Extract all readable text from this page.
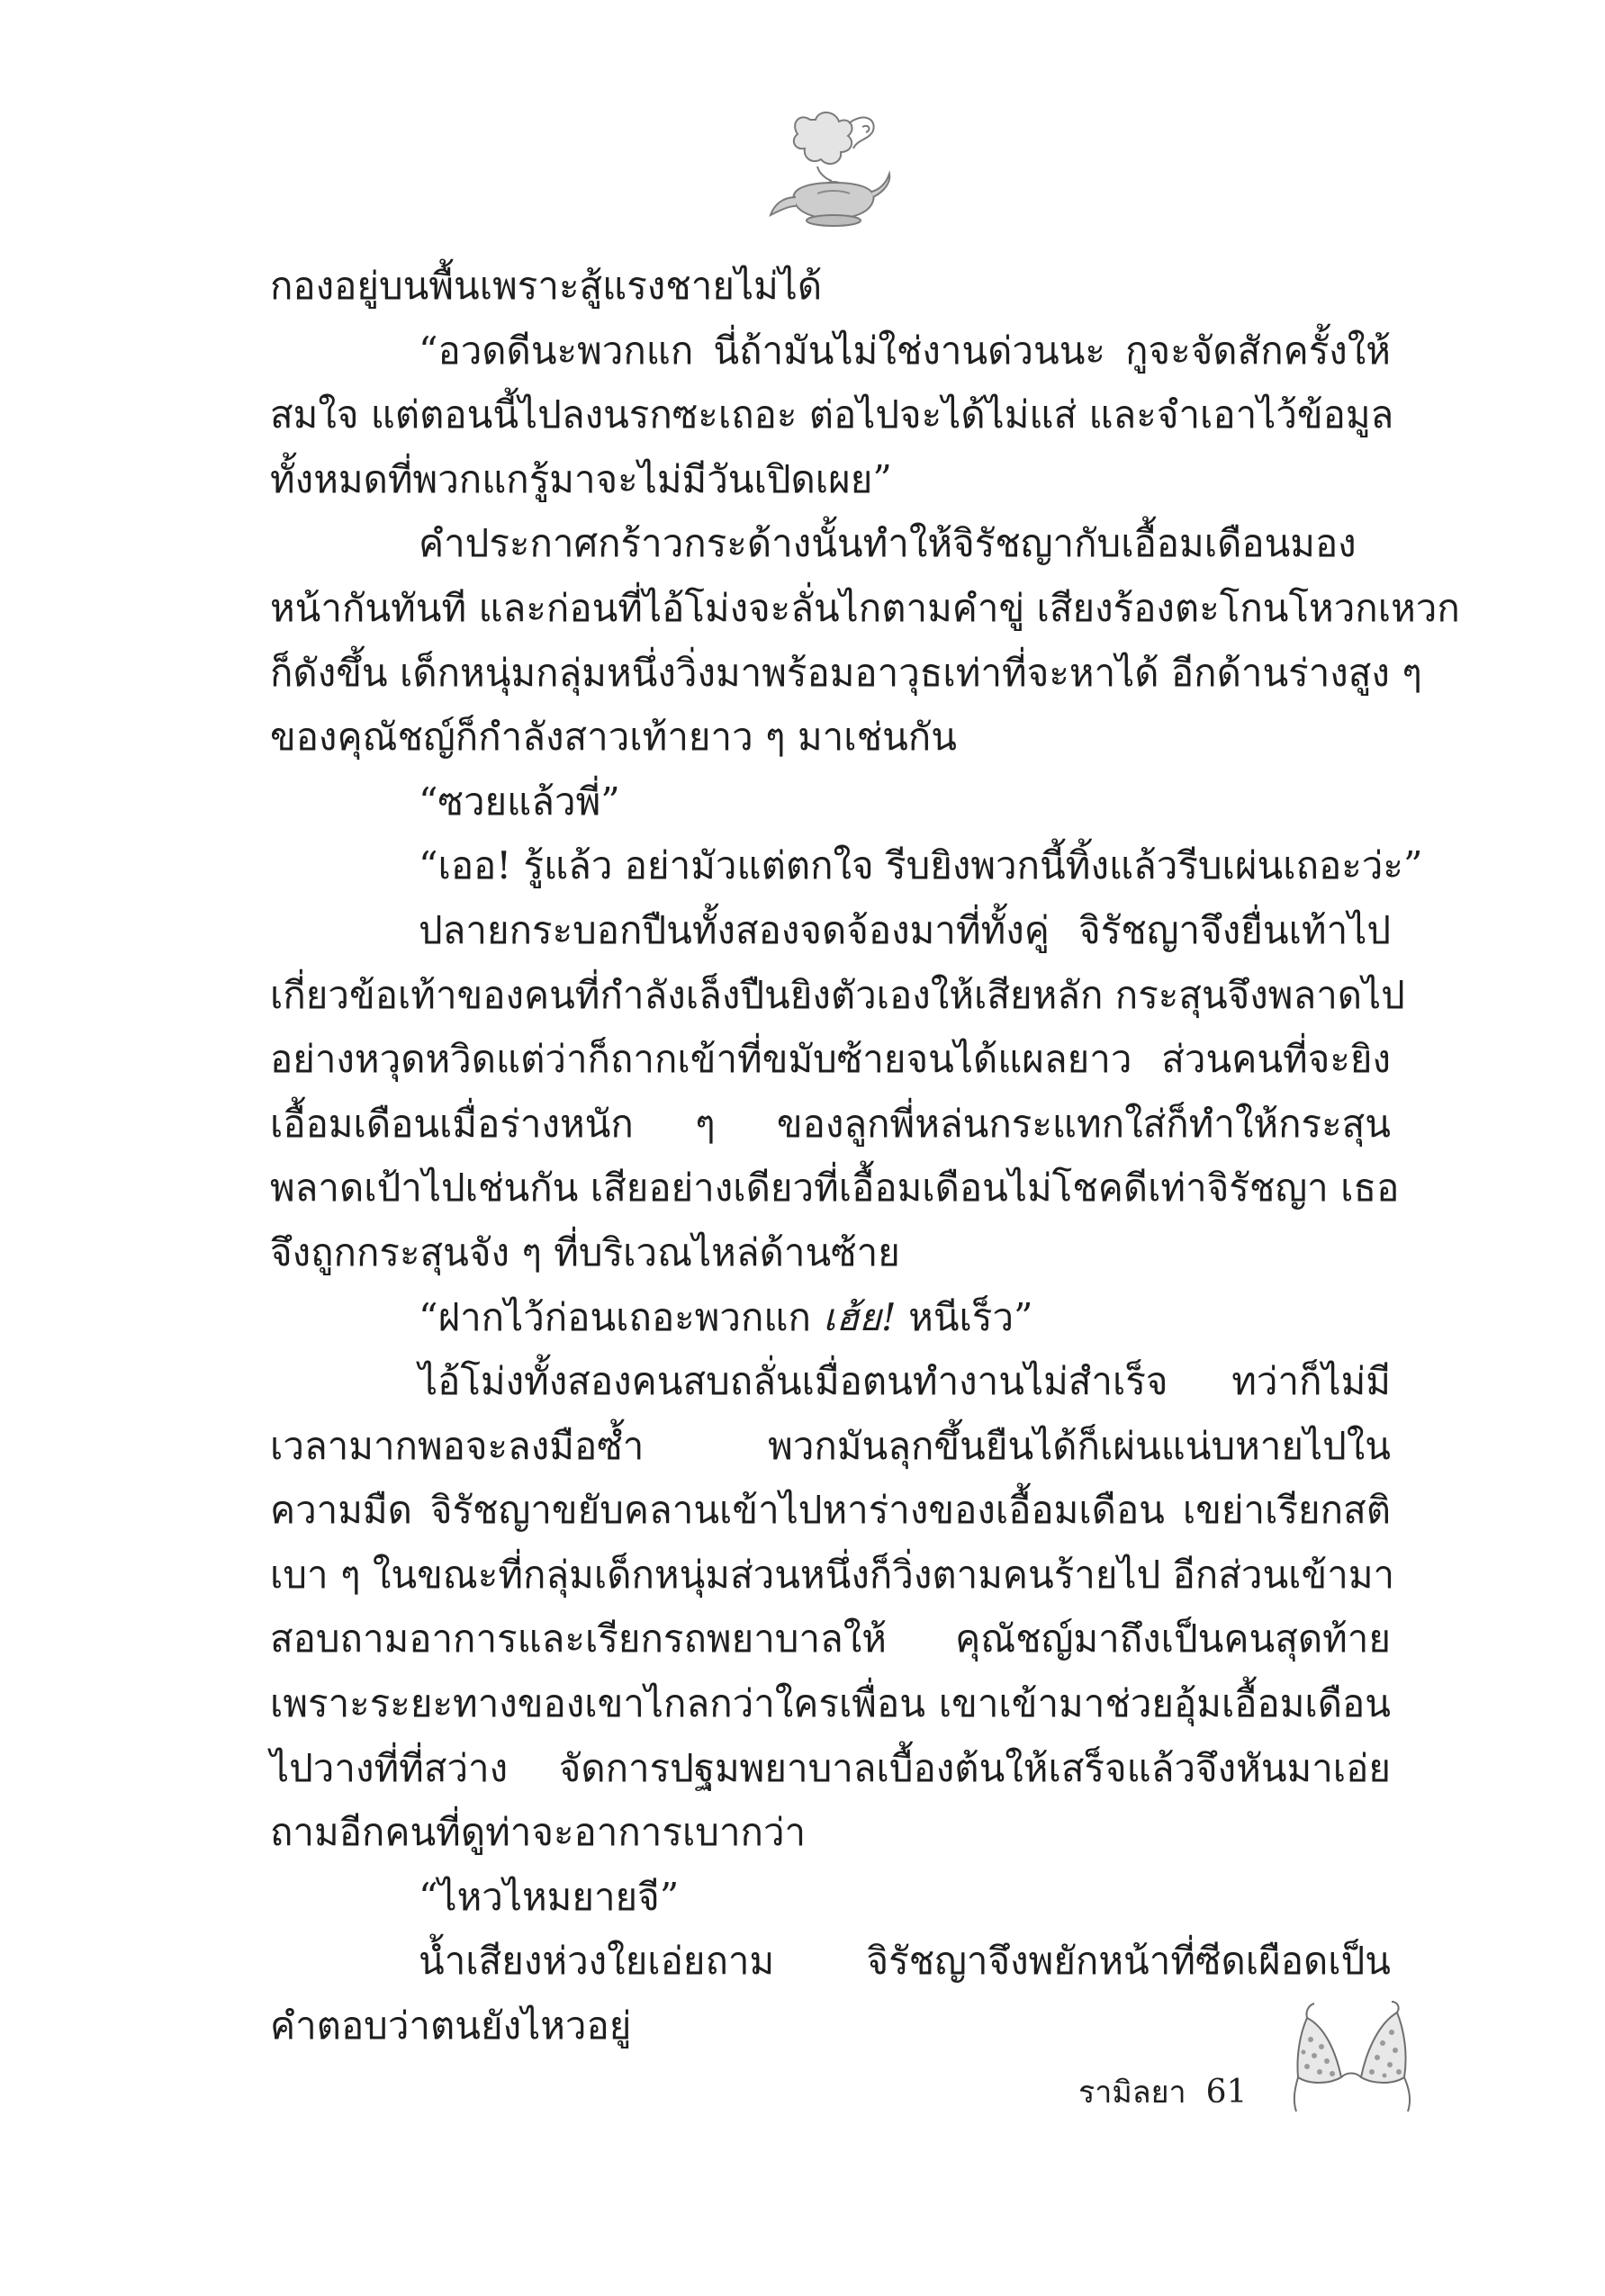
กองอยู่บนพื้นเพราะสู้แรงชายไม่ได้
“อวดดีนะพวกแก นี่ถ้ามันไม่ใช่งานด่วนนะ กูจะจัดสักครั้งให้
สมใจ แต่ตอนนี้ไปลงนรกซะเถอะ ต่อไปจะได้ไม่แส่ และจำเอาไว้ข้อมูล
ทั้งหมดที่พวกแกรู้มาจะไม่มีวันเปิดเผย”
คำประกาศกร้าวกระด้างนั้นทำให้จิรัชญากับเอื้อมเดือนมอง
หน้ากันทันที และก่อนที่ไอ้โม่งจะลั่นไกตามคำขู่ เสียงร้องตะโกนโหวกเหวก
ก็ดังขึ้น เด็กหนุ่มกลุ่มหนึ่งวิ่งมาพร้อมอาวุธเท่าที่จะหาได้ อีกด้านร่างสูง ๆ
ของคุณัชญ์ก็กำลังสาวเท้ายาว ๆ มาเช่นกัน
“ซวยแล้วพี่”
“เออ! รู้แล้ว อย่ามัวแต่ตกใจ รีบยิงพวกนี้ทิ้งแล้วรีบเผ่นเถอะว่ะ”
ปลายกระบอกปืนทั้งสองจดจ้องมาที่ทั้งคู่ จิรัชญาจึงยื่นเท้าไป
เกี่ยวข้อเท้าของคนที่กำลังเล็งปืนยิงตัวเองให้เสียหลัก กระสุนจึงพลาดไป
อย่างหวุดหวิดแต่ว่าก็ถากเข้าที่ขมับซ้ายจนได้แผลยาว ส่วนคนที่จะยิง
เอื้อมเดือนเมื่อร่างหนัก ๆ ของลูกพี่หล่นกระแทกใส่ก็ทำให้กระสุน
พลาดเป้าไปเช่นกัน เสียอย่างเดียวที่เอื้อมเดือนไม่โชคดีเท่าจิรัชญา เธอ
จึงถูกกระสุนจัง ๆ ที่บริเวณไหล่ด้านซ้าย
“ฝากไว้ก่อนเถอะพวกแก เฮ้ย! หนีเร็ว”
ไอ้โม่งทั้งสองคนสบถลั่นเมื่อตนทำงานไม่สำเร็จ ทว่าก็ไม่มี
เวลามากพอจะลงมือซ้ำ พวกมันลุกขึ้นยืนได้ก็เผ่นแน่บหายไปใน
ความมืด จิรัชญาขยับคลานเข้าไปหาร่างของเอื้อมเดือน เขย่าเรียกสติ
เบา ๆ ในขณะที่กลุ่มเด็กหนุ่มส่วนหนึ่งก็วิ่งตามคนร้ายไป อีกส่วนเข้ามา
สอบถามอาการและเรียกรถพยาบาลให้ คุณัชญ์มาถึงเป็นคนสุดท้าย
เพราะระยะทางของเขาไกลกว่าใครเพื่อน เขาเข้ามาช่วยอุ้มเอื้อมเดือน
ไปวางที่ที่สว่าง จัดการปฐมพยาบาลเบื้องต้นให้เสร็จแล้วจึงหันมาเอ่ย
ถามอีกคนที่ดูท่าจะอาการเบากว่า
“ไหวไหมยายจี”
น้ำเสียงห่วงใยเอ่ยถาม จิรัชญาจึงพยักหน้าที่ซีดเผือดเป็น
คำตอบว่าตนยังไหวอยู่
รามิลยา 61
